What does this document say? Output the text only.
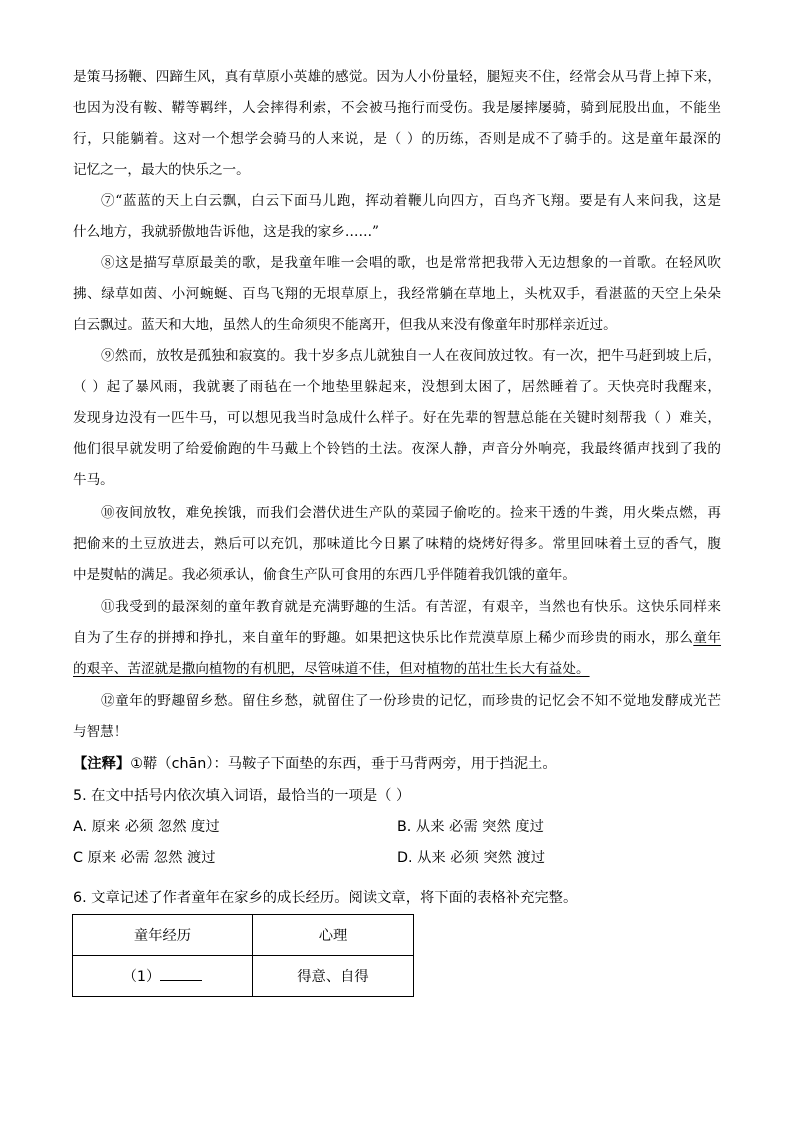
是策马扬鞭、四蹄生风，真有草原小英雄的感觉。因为人小份量轻，腿短夹不住，经常会从马背上掉下来，

也因为没有鞍、鞯等羁绊，人会摔得利索，不会被马拖行而受伤。我是屡摔屡骑，骑到屁股出血，不能坐

行，只能躺着。这对一个想学会骑马的人来说，是（ ）的历练，否则是成不了骑手的。这是童年最深的

记忆之一，最大的快乐之一。

⑦“蓝蓝的天上白云飘，白云下面马儿跑，挥动着鞭儿向四方，百鸟齐飞翔。要是有人来问我，这是

什么地方，我就骄傲地告诉他，这是我的家乡……”

⑧这是描写草原最美的歌，是我童年唯一会唱的歌，也是常常把我带入无边想象的一首歌。在轻风吹

拂、绿草如茵、小河蜿蜒、百鸟飞翔的无垠草原上，我经常躺在草地上，头枕双手，看湛蓝的天空上朵朵

白云飘过。蓝天和大地，虽然人的生命须臾不能离开，但我从来没有像童年时那样亲近过。

⑨然而，放牧是孤独和寂寞的。我十岁多点儿就独自一人在夜间放过牧。有一次，把牛马赶到坡上后，

（ ）起了暴风雨，我就裹了雨毡在一个地垫里躲起来，没想到太困了，居然睡着了。天快亮时我醒来，

发现身边没有一匹牛马，可以想见我当时急成什么样子。好在先辈的智慧总能在关键时刻帮我（ ）难关，

他们很早就发明了给爱偷跑的牛马戴上个铃铛的土法。夜深人静，声音分外响亮，我最终循声找到了我的

牛马。

⑩夜间放牧，难免挨饿，而我们会潜伏进生产队的菜园子偷吃的。捡来干透的牛粪，用火柴点燃，再

把偷来的土豆放进去，熟后可以充饥，那味道比今日累了味精的烧烤好得多。常里回味着土豆的香气，腹

中是熨帖的满足。我必须承认，偷食生产队可食用的东西几乎伴随着我饥饿的童年。

⑪我受到的最深刻的童年教育就是充满野趣的生活。有苦涩，有艰辛，当然也有快乐。这快乐同样来

自为了生存的拼搏和挣扎，来自童年的野趣。如果把这快乐比作荒漠草原上稀少而珍贵的雨水，那么童年

的艰辛、苦涩就是撒向植物的有机肥，尽管味道不佳，但对植物的茁壮生长大有益处。

⑫童年的野趣留乡愁。留住乡愁，就留住了一份珍贵的记忆，而珍贵的记忆会不知不觉地发酵成光芒

与智慧！

【注释】①鞯（chān）：马鞍子下面垫的东西，垂于马背两旁，用于挡泥土。

5. 在文中括号内依次填入词语，最恰当的一项是（ ）

A. 原来 必须 忽然 度过	B. 从来 必需 突然 度过
C 原来 必需 忽然 渡过	D. 从来 必须 突然 渡过

6. 文章记述了作者童年在家乡的成长经历。阅读文章，将下面的表格补充完整。

童年经历	心理
（1）	得意、自得
